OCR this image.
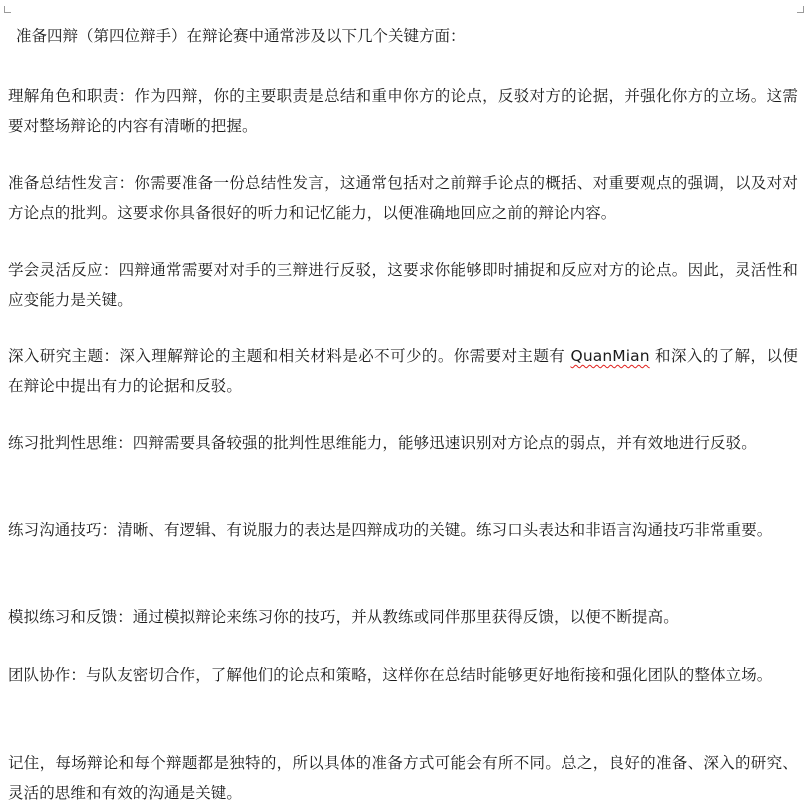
准备四辩（第四位辩手）在辩论赛中通常涉及以下几个关键方面：
理解角色和职责：作为四辩，你的主要职责是总结和重申你方的论点，反驳对方的论据，并强化你方的立场。这需要对整场辩论的内容有清晰的把握。
准备总结性发言：你需要准备一份总结性发言，这通常包括对之前辩手论点的概括、对重要观点的强调，以及对对方论点的批判。这要求你具备很好的听力和记忆能力，以便准确地回应之前的辩论内容。
学会灵活反应：四辩通常需要对对手的三辩进行反驳，这要求你能够即时捕捉和反应对方的论点。因此，灵活性和应变能力是关键。
深入研究主题：深入理解辩论的主题和相关材料是必不可少的。你需要对主题有 QuanMian 和深入的了解，以便在辩论中提出有力的论据和反驳。
练习批判性思维：四辩需要具备较强的批判性思维能力，能够迅速识别对方论点的弱点，并有效地进行反驳。
练习沟通技巧：清晰、有逻辑、有说服力的表达是四辩成功的关键。练习口头表达和非语言沟通技巧非常重要。
模拟练习和反馈：通过模拟辩论来练习你的技巧，并从教练或同伴那里获得反馈，以便不断提高。
团队协作：与队友密切合作，了解他们的论点和策略，这样你在总结时能够更好地衔接和强化团队的整体立场。
记住，每场辩论和每个辩题都是独特的，所以具体的准备方式可能会有所不同。总之，良好的准备、深入的研究、灵活的思维和有效的沟通是关键。
